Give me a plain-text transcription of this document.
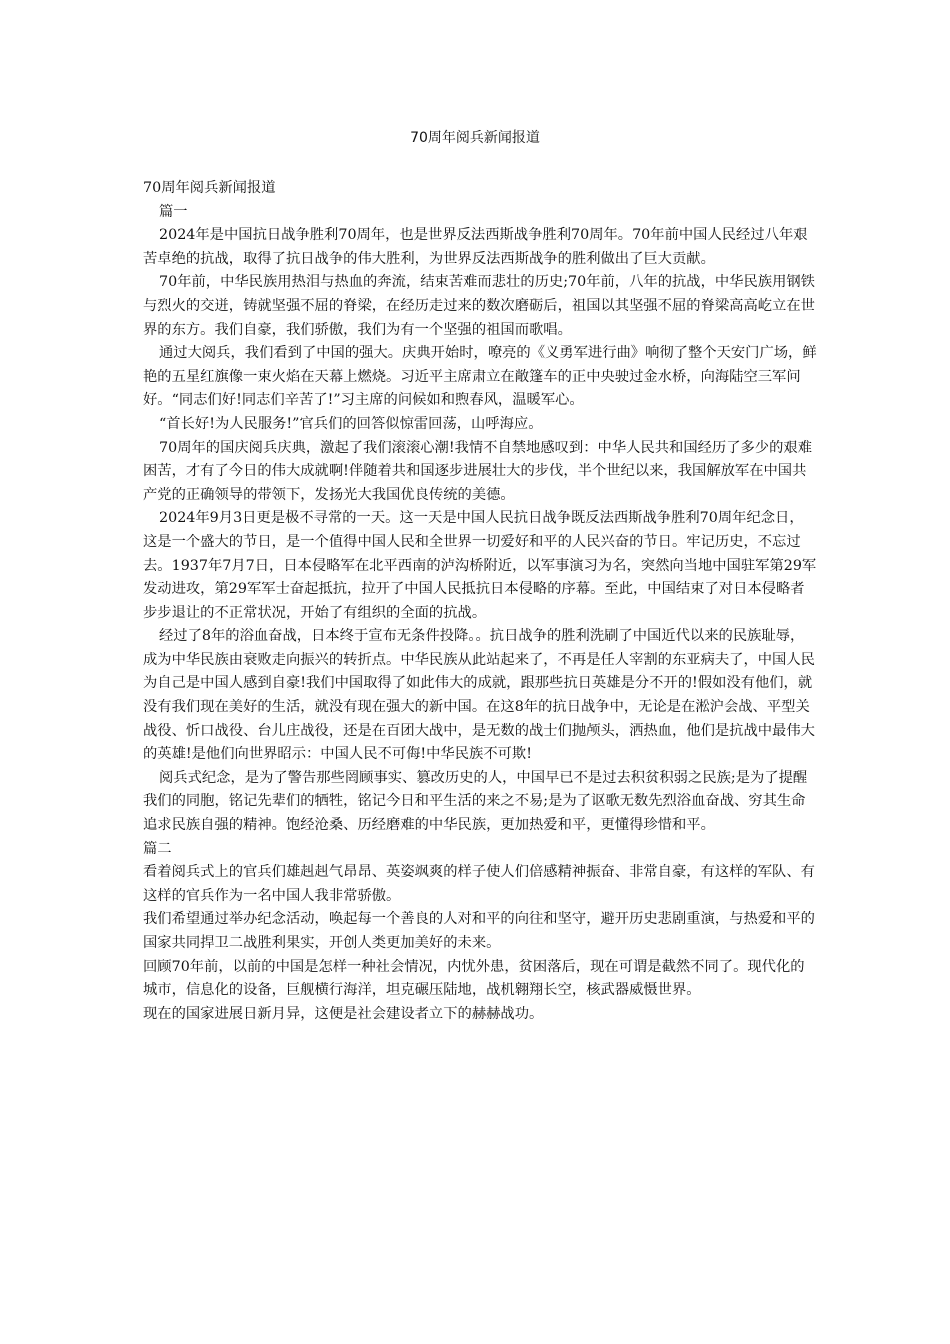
70周年阅兵新闻报道

70周年阅兵新闻报道

篇一

2024年是中国抗日战争胜利70周年，也是世界反法西斯战争胜利70周年。70年前中国人民经过八年艰苦卓绝的抗战，取得了抗日战争的伟大胜利，为世界反法西斯战争的胜利做出了巨大贡献。

70年前，中华民族用热泪与热血的奔流，结束苦难而悲壮的历史;70年前，八年的抗战，中华民族用钢铁与烈火的交迸，铸就坚强不屈的脊梁，在经历走过来的数次磨砺后，祖国以其坚强不屈的脊梁高高屹立在世界的东方。我们自豪，我们骄傲，我们为有一个坚强的祖国而歌唱。

通过大阅兵，我们看到了中国的强大。庆典开始时，嘹亮的《义勇军进行曲》响彻了整个天安门广场，鲜艳的五星红旗像一束火焰在天幕上燃烧。习近平主席肃立在敞篷车的正中央驶过金水桥，向海陆空三军问好。“同志们好!同志们辛苦了!”习主席的问候如和煦春风，温暖军心。

“首长好!为人民服务!”官兵们的回答似惊雷回荡，山呼海应。

70周年的国庆阅兵庆典，激起了我们滚滚心潮!我情不自禁地感叹到：中华人民共和国经历了多少的艰难困苦，才有了今日的伟大成就啊!伴随着共和国逐步进展壮大的步伐，半个世纪以来，我国解放军在中国共产党的正确领导的带领下，发扬光大我国优良传统的美德。

2024年9月3日更是极不寻常的一天。这一天是中国人民抗日战争既反法西斯战争胜利70周年纪念日，这是一个盛大的节日，是一个值得中国人民和全世界一切爱好和平的人民兴奋的节日。牢记历史，不忘过去。1937年7月7日，日本侵略军在北平西南的泸沟桥附近，以军事演习为名，突然向当地中国驻军第29军发动进攻，第29军军士奋起抵抗，拉开了中国人民抵抗日本侵略的序幕。至此，中国结束了对日本侵略者步步退让的不正常状况，开始了有组织的全面的抗战。

经过了8年的浴血奋战，日本终于宣布无条件投降。。抗日战争的胜利洗刷了中国近代以来的民族耻辱，成为中华民族由衰败走向振兴的转折点。中华民族从此站起来了，不再是任人宰割的东亚病夫了，中国人民为自己是中国人感到自豪!我们中国取得了如此伟大的成就，跟那些抗日英雄是分不开的!假如没有他们，就没有我们现在美好的生活，就没有现在强大的新中国。在这8年的抗日战争中，无论是在淞沪会战、平型关战役、忻口战役、台儿庄战役，还是在百团大战中，是无数的战士们抛颅头，洒热血，他们是抗战中最伟大的英雄!是他们向世界昭示：中国人民不可侮!中华民族不可欺!

阅兵式纪念，是为了警告那些罔顾事实、篡改历史的人，中国早已不是过去积贫积弱之民族;是为了提醒我们的同胞，铭记先辈们的牺牲，铭记今日和平生活的来之不易;是为了讴歌无数先烈浴血奋战、穷其生命追求民族自强的精神。饱经沧桑、历经磨难的中华民族，更加热爱和平，更懂得珍惜和平。

篇二

看着阅兵式上的官兵们雄赳赳气昂昂、英姿飒爽的样子使人们倍感精神振奋、非常自豪，有这样的军队、有这样的官兵作为一名中国人我非常骄傲。

我们希望通过举办纪念活动，唤起每一个善良的人对和平的向往和坚守，避开历史悲剧重演，与热爱和平的国家共同捍卫二战胜利果实，开创人类更加美好的未来。

回顾70年前，以前的中国是怎样一种社会情况，内忧外患，贫困落后，现在可谓是截然不同了。现代化的城市，信息化的设备，巨舰横行海洋，坦克碾压陆地，战机翱翔长空，核武器威慑世界。

现在的国家进展日新月异，这便是社会建设者立下的赫赫战功。
